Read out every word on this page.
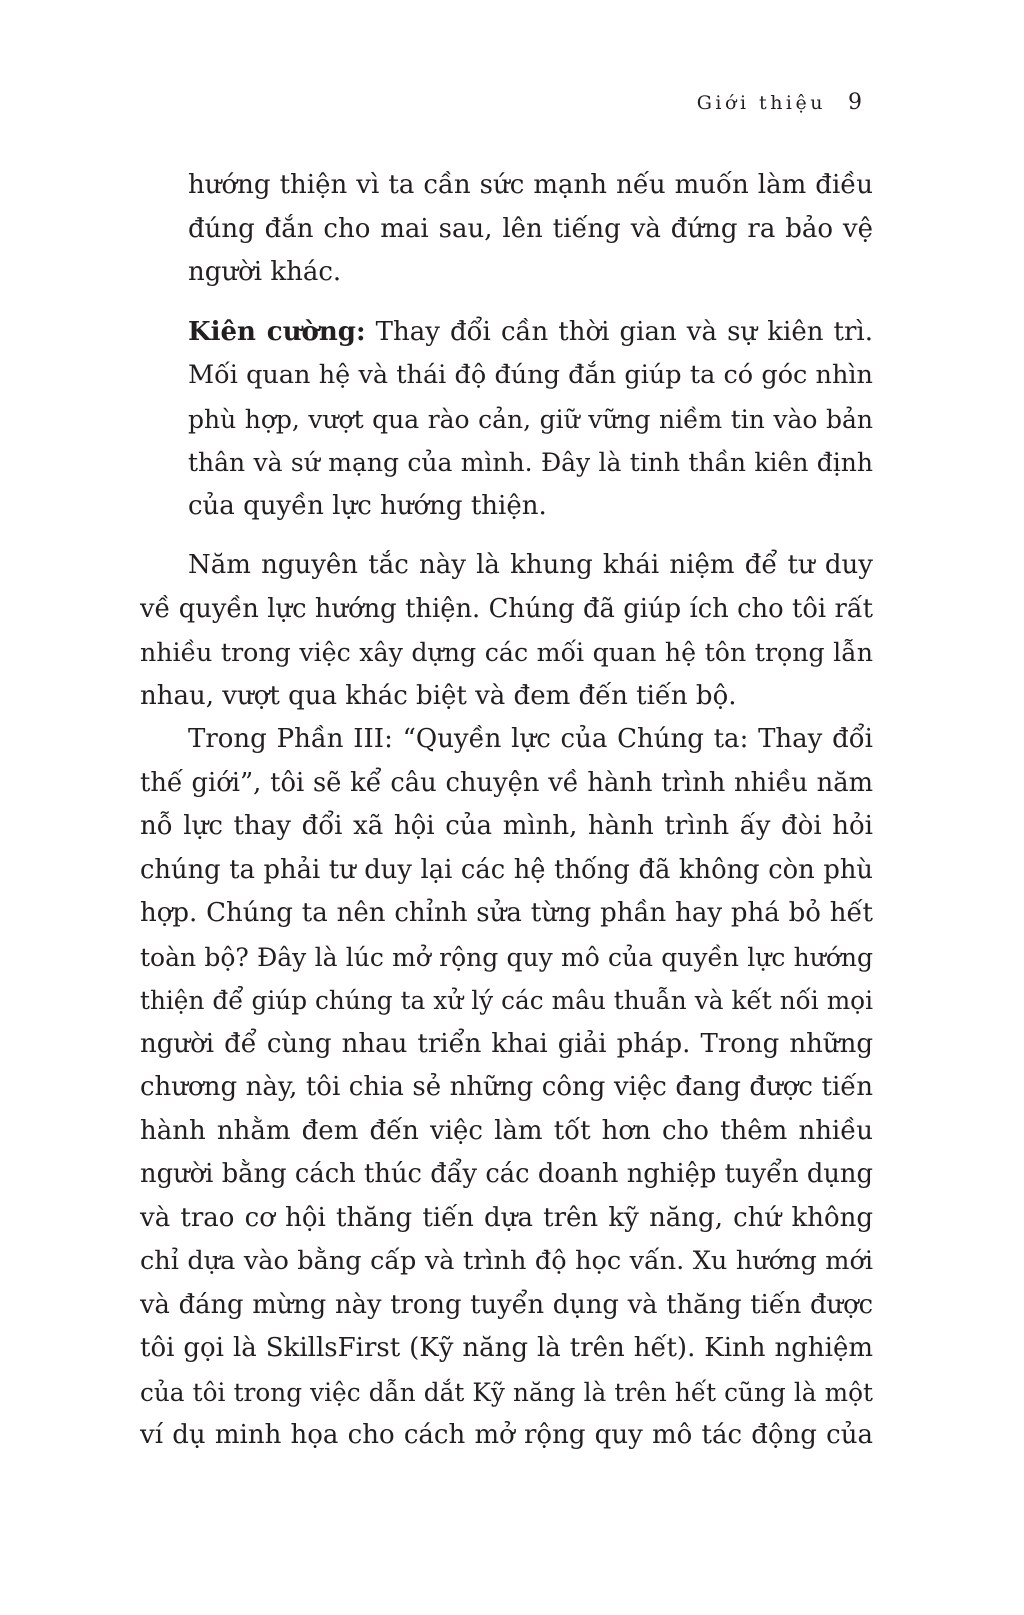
Giới thiệu 9

hướng thiện vì ta cần sức mạnh nếu muốn làm điều
đúng đắn cho mai sau, lên tiếng và đứng ra bảo vệ
người khác.

Kiên cường: Thay đổi cần thời gian và sự kiên trì.
Mối quan hệ và thái độ đúng đắn giúp ta có góc nhìn
phù hợp, vượt qua rào cản, giữ vững niềm tin vào bản
thân và sứ mạng của mình. Đây là tinh thần kiên định
của quyền lực hướng thiện.

Năm nguyên tắc này là khung khái niệm để tư duy
về quyền lực hướng thiện. Chúng đã giúp ích cho tôi rất
nhiều trong việc xây dựng các mối quan hệ tôn trọng lẫn
nhau, vượt qua khác biệt và đem đến tiến bộ.

Trong Phần III: “Quyền lực của Chúng ta: Thay đổi
thế giới”, tôi sẽ kể câu chuyện về hành trình nhiều năm
nỗ lực thay đổi xã hội của mình, hành trình ấy đòi hỏi
chúng ta phải tư duy lại các hệ thống đã không còn phù
hợp. Chúng ta nên chỉnh sửa từng phần hay phá bỏ hết
toàn bộ? Đây là lúc mở rộng quy mô của quyền lực hướng
thiện để giúp chúng ta xử lý các mâu thuẫn và kết nối mọi
người để cùng nhau triển khai giải pháp. Trong những
chương này, tôi chia sẻ những công việc đang được tiến
hành nhằm đem đến việc làm tốt hơn cho thêm nhiều
người bằng cách thúc đẩy các doanh nghiệp tuyển dụng
và trao cơ hội thăng tiến dựa trên kỹ năng, chứ không
chỉ dựa vào bằng cấp và trình độ học vấn. Xu hướng mới
và đáng mừng này trong tuyển dụng và thăng tiến được
tôi gọi là SkillsFirst (Kỹ năng là trên hết). Kinh nghiệm
của tôi trong việc dẫn dắt Kỹ năng là trên hết cũng là một
ví dụ minh họa cho cách mở rộng quy mô tác động của
